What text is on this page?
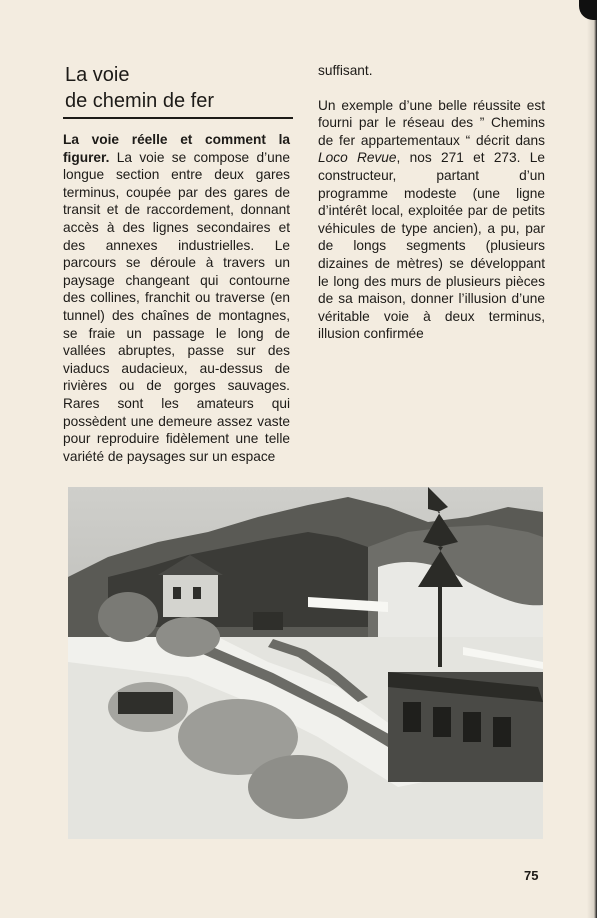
La voie
de chemin de fer

La voie réelle et comment la figurer. La voie se compose d’une longue section entre deux gares terminus, coupée par des gares de transit et de raccordement, donnant accès à des lignes secondaires et des annexes industrielles. Le parcours se déroule à travers un paysage changeant qui contourne des collines, franchit ou traverse (en tunnel) des chaînes de montagnes, se fraie un passage le long de vallées abruptes, passe sur des viaducs audacieux, au-dessus de rivières ou de gorges sauvages. Rares sont les amateurs qui possèdent une demeure assez vaste pour reproduire fidèlement une telle variété de paysages sur un espace

suffisant.

Un exemple d’une belle réussite est fourni par le réseau des ” Chemins de fer appartementaux “ décrit dans Loco Revue, nos 271 et 273. Le constructeur, partant d’un programme modeste (une ligne d’intérêt local, exploitée par de petits véhicules de type ancien), a pu, par de longs segments (plusieurs dizaines de mètres) se développant le long des murs de plusieurs pièces de sa maison, donner l’illusion d’une véritable voie à deux terminus, illusion confirmée

75
